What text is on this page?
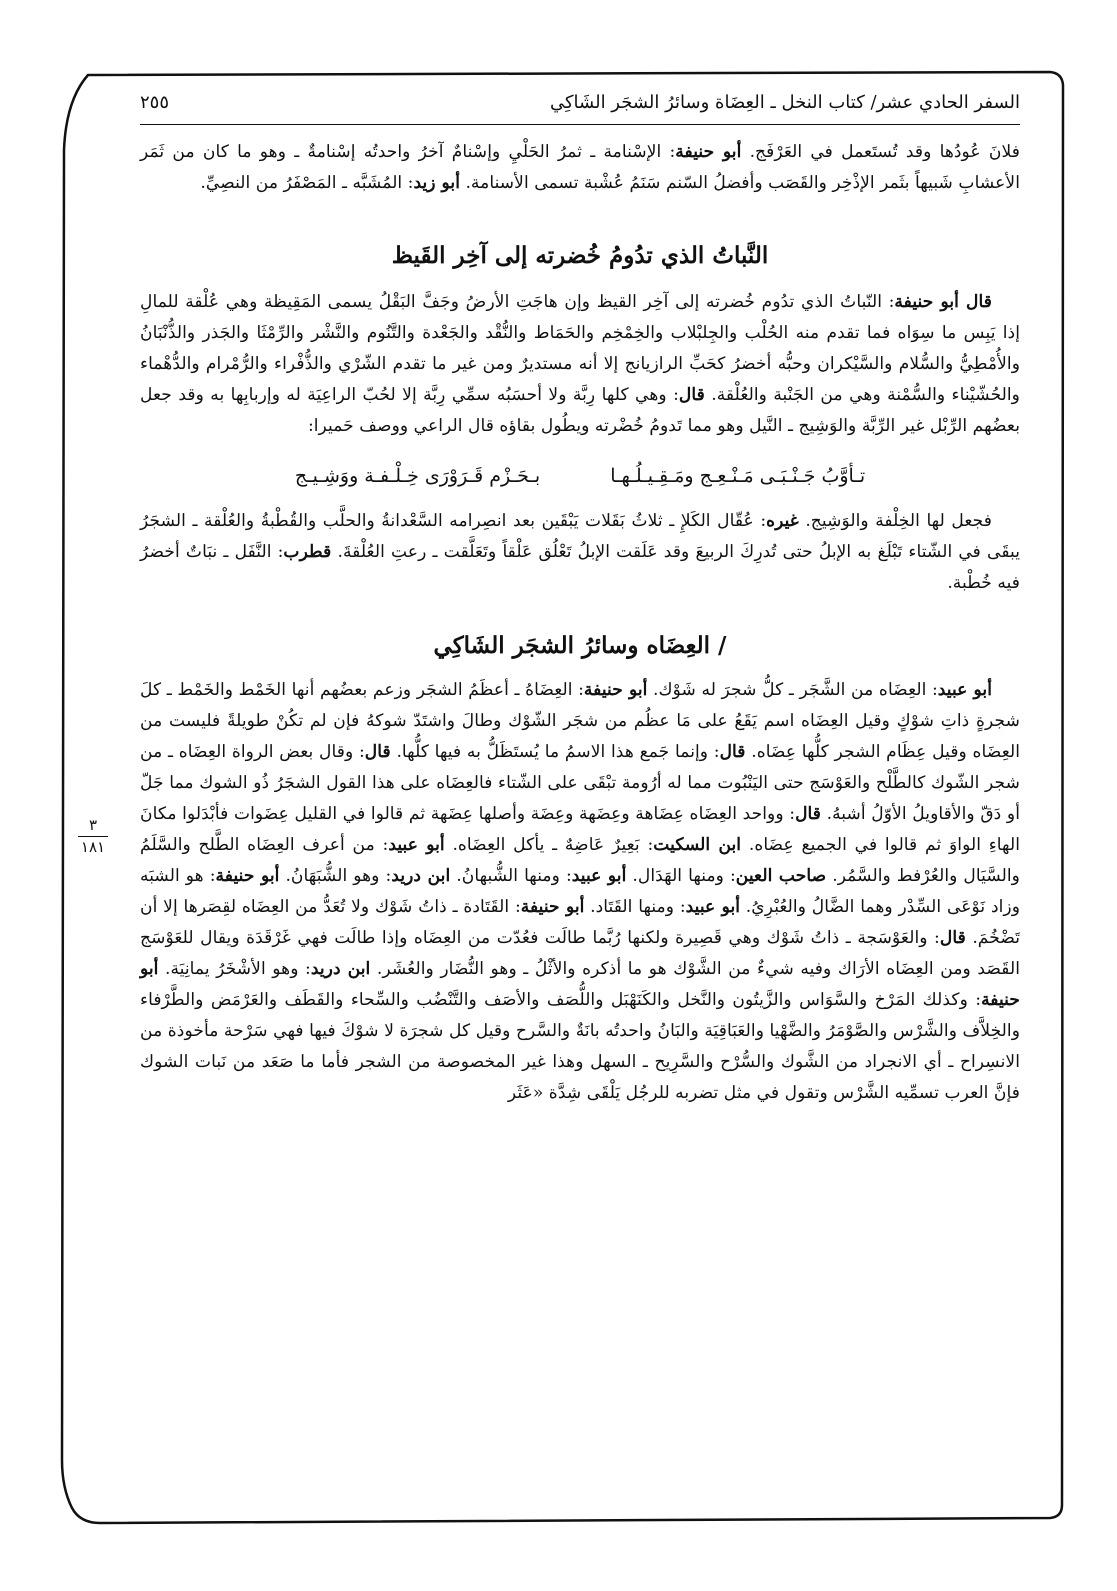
٣
١٨١
السفر الحادي عشر/ كتاب النخل ـ العِضَاة وسائرُ الشجَر الشَاكِي
٢٥٥

فلانَ عُودُها وقد تُستَعمل في العَرْفَج. أبو حنيفة: الإسْنامة ـ ثمرُ الحَلْيِ وإسْنامٌ آخرُ واحدتُه إسْنامةٌ ـ وهو ما كان من ثَمَر الأعشابِ شَبيهاً بثَمر الإذْخِر والقَصَب وأفضلُ السّنم سَنَمُ عُشْبة تسمى الأسنامة. أبو زيد: المُشَبَّه ـ المَصْفَرُ من النصِيِّ.

النَّباتُ الذي تدُومُ خُضرته إلى آخِر القَيظ

قال أبو حنيفة: النّباتُ الذي تدُوم خُضرته إلى آخِر القيظ وإن هاجَتِ الأرضُ وجَفَّ البَقْلُ يسمى المَقِيظة وهي عُلْقة للمالِ إذا يَبِس ما سِوَاه فما تقدم منه الحُلْب والجِلبْلاب والخِمْخِم والحَمَاط والنُّقْد والجَعْدة والتَّنُوم والنَّشْر والرِّمْثَا والجَذر والذُّنْبَانُ والأُمْطِيُّ والسُّلام والسَّيْكران وحبُّه أخضرُ كحَبِّ الرازيانج إلا أنه مستديرٌ ومن غير ما تقدم الشّرْي والذُّفْراء والرُّمْرام والدُّهْماء والحُشّيْناء والسُّمْنة وهي من الجَنْبة والعُلْقة. قال: وهي كلها رِبَّة ولا أحسَبُه سمِّي رِبَّة إلا لحُبّ الراعِيَة له وإربابِها به وقد جعل بعضُهم الرِّبْل غير الرِّبَّة والوَشِيج ـ النَّيل وهو مما تَدومُ خُضْرته ويطُول بقاؤه قال الراعي ووصف حَميرا:

تـأوَّبُ جَـنْـبَـى مَـنْـعِـج ومَـقِـيـلُـهـا
بـحَـزْم قَـرَوْرَى خِـلْـفـة ووَشِـيـج

فجعل لها الخِلْفة والوَشِيج. غيره: عُقّال الكَلإِ ـ ثلاثُ بَقَلات يَبْقَين بعد انصِرامه السَّعْدانةُ والحلَّب والقُطْبةُ والعُلْقة ـ الشجَرُ يبقَى في الشّتاء تَبْلَغ به الإبلُ حتى تُدرِكَ الربيعَ وقد عَلَقت الإبلُ تَعْلُق عَلْقاً وتَعَلَّقت ـ رعتِ العُلْقةَ. قطرب: النَّفَل ـ نبَاتٌ أخضرُ فيه خُطْبة.

/ العِضَاه وسائرُ الشجَر الشَاكِي

أبو عبيد: العِضَاه من الشَّجَر ـ كلُّ شجرَ له شَوْك. أبو حنيفة: العِضَاهُ ـ أعظَمُ الشجَر وزعم بعضُهم أنها الخَمْط والخَمْط ـ كلَ شجرةٍ ذاتِ شوْكٍ وقيل العِضَاه اسم يَقَعُ على مَا عظُم من شجَر الشّوْك وطالَ واشتَدّ شوكهُ فإن لم تكُنْ طويلةً فليست من العِضَاه وقيل عِظَام الشجر كلُّها عِضَاه. قال: وإنما جَمع هذا الاسمُ ما يُستَظَلُّ به فيها كلُّها. قال: وقال بعض الرواة العِضَاه ـ من شجر الشّوك كالطَّلْح والعَوْسَج حتى اليَنْبُوت مما له أرُومة تبْقَى على الشّتاء فالعِضَاه على هذا القول الشجَرُ ذُو الشوك مما جَلّ أو دَقّ والأقاويلُ الأوّلُ أشبهُ. قال: وواحد العِضَاه عِضَاهة وعِضَهة وعِضَة وأصلها عِضَهة ثم قالوا في القليل عِضَوات فأبْدَلوا مكانَ الهاءِ الواوَ ثم قالوا في الجميع عِضَاه. ابن السكيت: بَعِيرٌ عَاضِهٌ ـ يأكل العِضَاه. أبو عبيد: من أعرف العِضَاه الطَّلح والسَّلَمُ والسَّيَال والعُرْفط والسَّمُر. صاحب العين: ومنها الهَدَال. أبو عبيد: ومنها الشُّبهانُ. ابن دريد: وهو الشُّبَهَانُ. أبو حنيفة: هو الشبَه وزاد نَوْعَى السِّدْر وهما الضَّالُ والعُبْرِيُ. أبو عبيد: ومنها القَتَاد. أبو حنيفة: القَتَادة ـ ذاتُ شَوْك ولا تُعَدُّ من العِضَاه لقِصَرها إلا أن تَضْخُمَ. قال: والعَوْسَجة ـ ذاتُ شَوْك وهي قَصِيرة ولكنها رُبَّما طالَت فعُدّت من العِضَاه وإذا طالَت فهي غَرْقَدَة ويقال للعَوْسَج القَصَد ومن العِضَاه الأرَاك وفيه شيءٌ من الشَّوْك هو ما أذكره والأثْلُ ـ وهو النُّضَار والعُشَر. ابن دريد: وهو الأشْخَرُ يمانِيَة. أبو حنيفة: وكذلك المَرْخ والسَّوَاس والزَّيتُون والنَّخل والكَنَهْبَل واللُّصَف والأصَف والتَّنْضُب والسِّحاء والقَطَف والعَرْمَض والطَّرْفاء والخِلاَّف والشَّرْس والصَّوْمَرُ والضَّهْيا والعَبَاقِيَة والبَانُ واحدتُه بانَةٌ والسَّرح وقيل كل شجرَة لا شوْكَ فيها فهي سَرْحة مأخوذة من الانسِراح ـ أي الانجراد من الشَّوك والسُّرْح والسَّرِيح ـ السهل وهذا غير المخصوصة من الشجر فأما ما صَعَد من نَبات الشوك فإنَّ العرب تسمِّيه الشَّرْس وتقول في مثل تضربه للرجُل يَلْقَى شِدَّة «عَثَر
